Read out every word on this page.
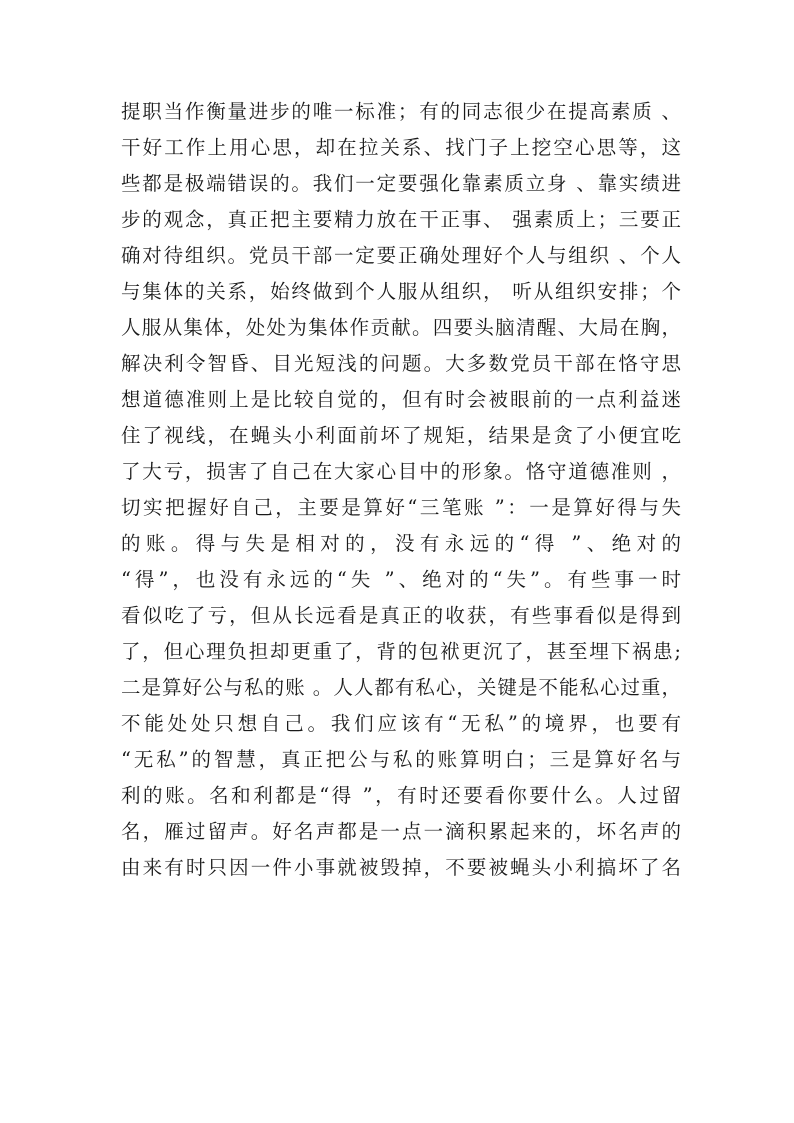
提职当作衡量进步的唯一标准；有的同志很少在提高素质 、
干好工作上用心思，却在拉关系、找门子上挖空心思等，这
些都是极端错误的。我们一定要强化靠素质立身 、靠实绩进
步的观念，真正把主要精力放在干正事、 强素质上；三要正
确对待组织。党员干部一定要正确处理好个人与组织 、个人
与集体的关系，始终做到个人服从组织， 听从组织安排；个
人服从集体，处处为集体作贡献。四要头脑清醒、大局在胸，
解决利令智昏、目光短浅的问题。大多数党员干部在恪守思
想道德准则上是比较自觉的，但有时会被眼前的一点利益迷
住了视线，在蝇头小利面前坏了规矩，结果是贪了小便宜吃
了大亏，损害了自己在大家心目中的形象。恪守道德准则 ，
切实把握好自己，主要是算好“三笔账 ”：一是算好得与失
的账。得与失是相对的，没有永远的“得 ”、绝对的
“得”，也没有永远的“失 ”、绝对的“失”。有些事一时
看似吃了亏，但从长远看是真正的收获，有些事看似是得到
了，但心理负担却更重了，背的包袱更沉了，甚至埋下祸患;
二是算好公与私的账 。人人都有私心，关键是不能私心过重，
不能处处只想自己。我们应该有“无私”的境界，也要有
“无私”的智慧，真正把公与私的账算明白；三是算好名与
利的账。名和利都是“得 ”，有时还要看你要什么。人过留
名，雁过留声。好名声都是一点一滴积累起来的，坏名声的
由来有时只因一件小事就被毁掉，不要被蝇头小利搞坏了名
